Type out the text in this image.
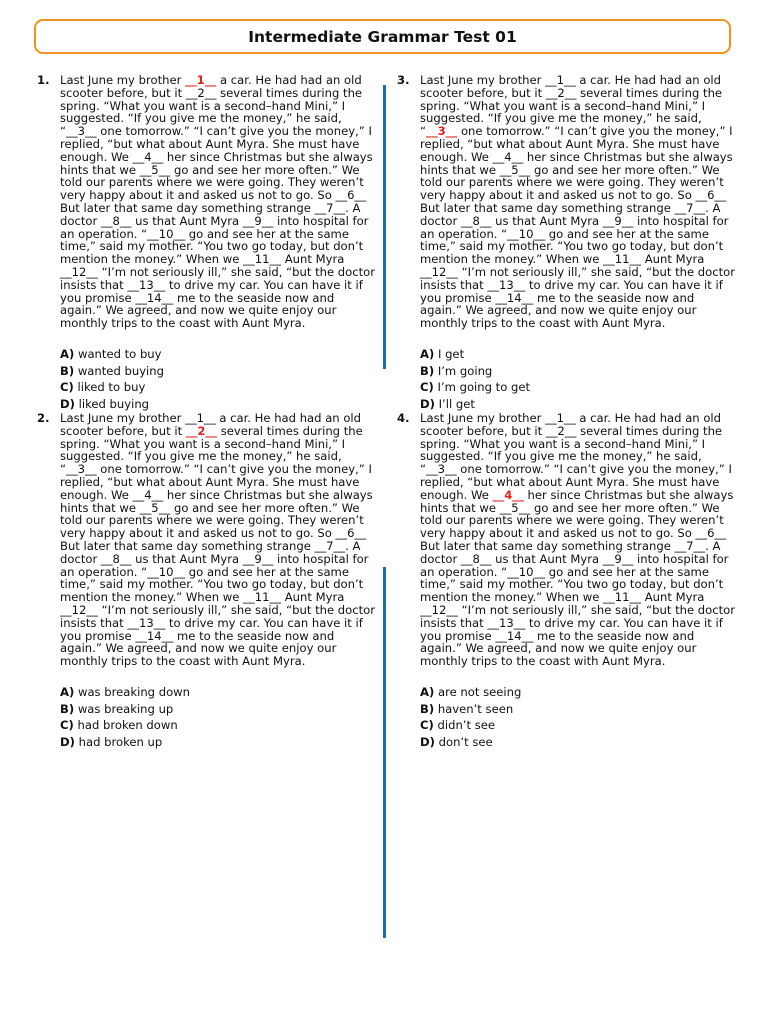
Intermediate Grammar Test 01
1. Last June my brother __1__ a car. He had had an old scooter before, but it __2__ several times during the spring. “What you want is a second–hand Mini,” I suggested. “If you give me the money,” he said, “__3__ one tomorrow.” “I can’t give you the money,” I replied, “but what about Aunt Myra. She must have enough. We __4__ her since Christmas but she always hints that we __5__ go and see her more often.” We told our parents where we were going. They weren’t very happy about it and asked us not to go. So __6__ But later that same day something strange __7__. A doctor __8__ us that Aunt Myra __9__ into hospital for an operation. “__10__ go and see her at the same time,” said my mother. “You two go today, but don’t mention the money.” When we __11__ Aunt Myra __12__ “I’m not seriously ill,” she said, “but the doctor insists that __13__ to drive my car. You can have it if you promise __14__ me to the seaside now and again.” We agreed, and now we quite enjoy our monthly trips to the coast with Aunt Myra.

A) wanted to buy
B) wanted buying
C) liked to buy
D) liked buying
2. Last June my brother __1__ a car. He had had an old scooter before, but it __2__ several times during the spring. “What you want is a second–hand Mini,” I suggested. “If you give me the money,” he said, “__3__ one tomorrow.” “I can’t give you the money,” I replied, “but what about Aunt Myra. She must have enough. We __4__ her since Christmas but she always hints that we __5__ go and see her more often.” We told our parents where we were going. They weren’t very happy about it and asked us not to go. So __6__ But later that same day something strange __7__. A doctor __8__ us that Aunt Myra __9__ into hospital for an operation. “__10__ go and see her at the same time,” said my mother. “You two go today, but don’t mention the money.” When we __11__ Aunt Myra __12__ “I’m not seriously ill,” she said, “but the doctor insists that __13__ to drive my car. You can have it if you promise __14__ me to the seaside now and again.” We agreed, and now we quite enjoy our monthly trips to the coast with Aunt Myra.

A) was breaking down
B) was breaking up
C) had broken down
D) had broken up
3. Last June my brother __1__ a car. He had had an old scooter before, but it __2__ several times during the spring. “What you want is a second–hand Mini,” I suggested. “If you give me the money,” he said, “__3__ one tomorrow.” “I can’t give you the money,” I replied, “but what about Aunt Myra. She must have enough. We __4__ her since Christmas but she always hints that we __5__ go and see her more often.” We told our parents where we were going. They weren’t very happy about it and asked us not to go. So __6__ But later that same day something strange __7__. A doctor __8__ us that Aunt Myra __9__ into hospital for an operation. “__10__ go and see her at the same time,” said my mother. “You two go today, but don’t mention the money.” When we __11__ Aunt Myra __12__ “I’m not seriously ill,” she said, “but the doctor insists that __13__ to drive my car. You can have it if you promise __14__ me to the seaside now and again.” We agreed, and now we quite enjoy our monthly trips to the coast with Aunt Myra.

A) I get
B) I’m going
C) I’m going to get
D) I’ll get
4. Last June my brother __1__ a car. He had had an old scooter before, but it __2__ several times during the spring. “What you want is a second–hand Mini,” I suggested. “If you give me the money,” he said, “__3__ one tomorrow.” “I can’t give you the money,” I replied, “but what about Aunt Myra. She must have enough. We __4__ her since Christmas but she always hints that we __5__ go and see her more often.” We told our parents where we were going. They weren’t very happy about it and asked us not to go. So __6__ But later that same day something strange __7__. A doctor __8__ us that Aunt Myra __9__ into hospital for an operation. “__10__ go and see her at the same time,” said my mother. “You two go today, but don’t mention the money.” When we __11__ Aunt Myra __12__ “I’m not seriously ill,” she said, “but the doctor insists that __13__ to drive my car. You can have it if you promise __14__ me to the seaside now and again.” We agreed, and now we quite enjoy our monthly trips to the coast with Aunt Myra.

A) are not seeing
B) haven’t seen
C) didn’t see
D) don’t see
